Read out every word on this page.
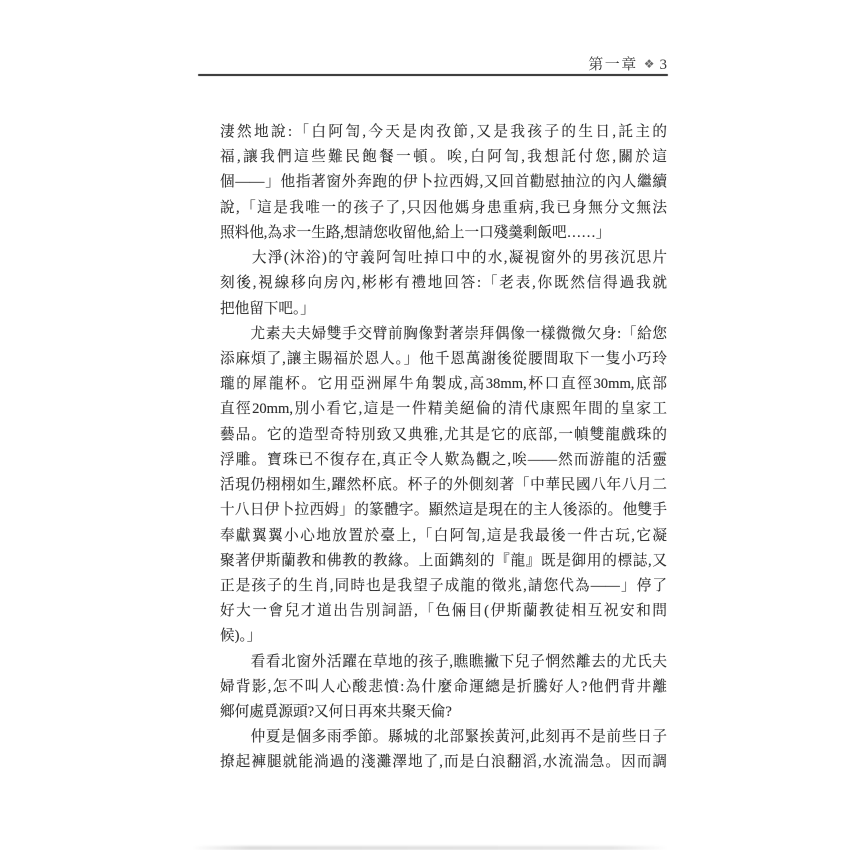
第一章 ❖ 3
淒然地說:「白阿訇,今天是肉孜節,又是我孩子的生日,託主的
福,讓我們這些難民飽餐一頓。唉,白阿訇,我想託付您,關於這
個——」他指著窗外奔跑的伊卜拉西姆,又回首勸慰抽泣的內人繼續
說,「這是我唯一的孩子了,只因他媽身患重病,我已身無分文無法
照料他,為求一生路,想請您收留他,給上一口殘羹剩飯吧……」
　　大淨(沐浴)的守義阿訇吐掉口中的水,凝視窗外的男孩沉思片
刻後,視線移向房內,彬彬有禮地回答:「老表,你既然信得過我就
把他留下吧。」
　　尤素夫夫婦雙手交臂前胸像對著崇拜偶像一樣微微欠身:「給您
添麻煩了,讓主賜福於恩人。」他千恩萬謝後從腰間取下一隻小巧玲
瓏的犀龍杯。它用亞洲犀牛角製成,高38mm,杯口直徑30mm,底部
直徑20mm,別小看它,這是一件精美絕倫的清代康熙年間的皇家工
藝品。它的造型奇特別致又典雅,尤其是它的底部,一幀雙龍戲珠的
浮雕。寶珠已不復存在,真正令人歎為觀之,唉——然而游龍的活靈
活現仍栩栩如生,躍然杯底。杯子的外側刻著「中華民國八年八月二
十八日伊卜拉西姆」的篆體字。顯然這是現在的主人後添的。他雙手
奉獻翼翼小心地放置於臺上,「白阿訇,這是我最後一件古玩,它凝
聚著伊斯蘭教和佛教的教緣。上面鐫刻的『龍』既是御用的標誌,又
正是孩子的生肖,同時也是我望子成龍的徵兆,請您代為——」停了
好大一會兒才道出告別詞語,「色倆目(伊斯蘭教徒相互祝安和問
候)。」
　　看看北窗外活躍在草地的孩子,瞧瞧撇下兒子惘然離去的尤氏夫
婦背影,怎不叫人心酸悲憤:為什麼命運總是折騰好人?他們背井離
鄉何處覓源頭?又何日再來共聚天倫?
　　仲夏是個多雨季節。縣城的北部緊挨黃河,此刻再不是前些日子
撩起褲腿就能淌過的淺灘澤地了,而是白浪翻滔,水流湍急。因而調
